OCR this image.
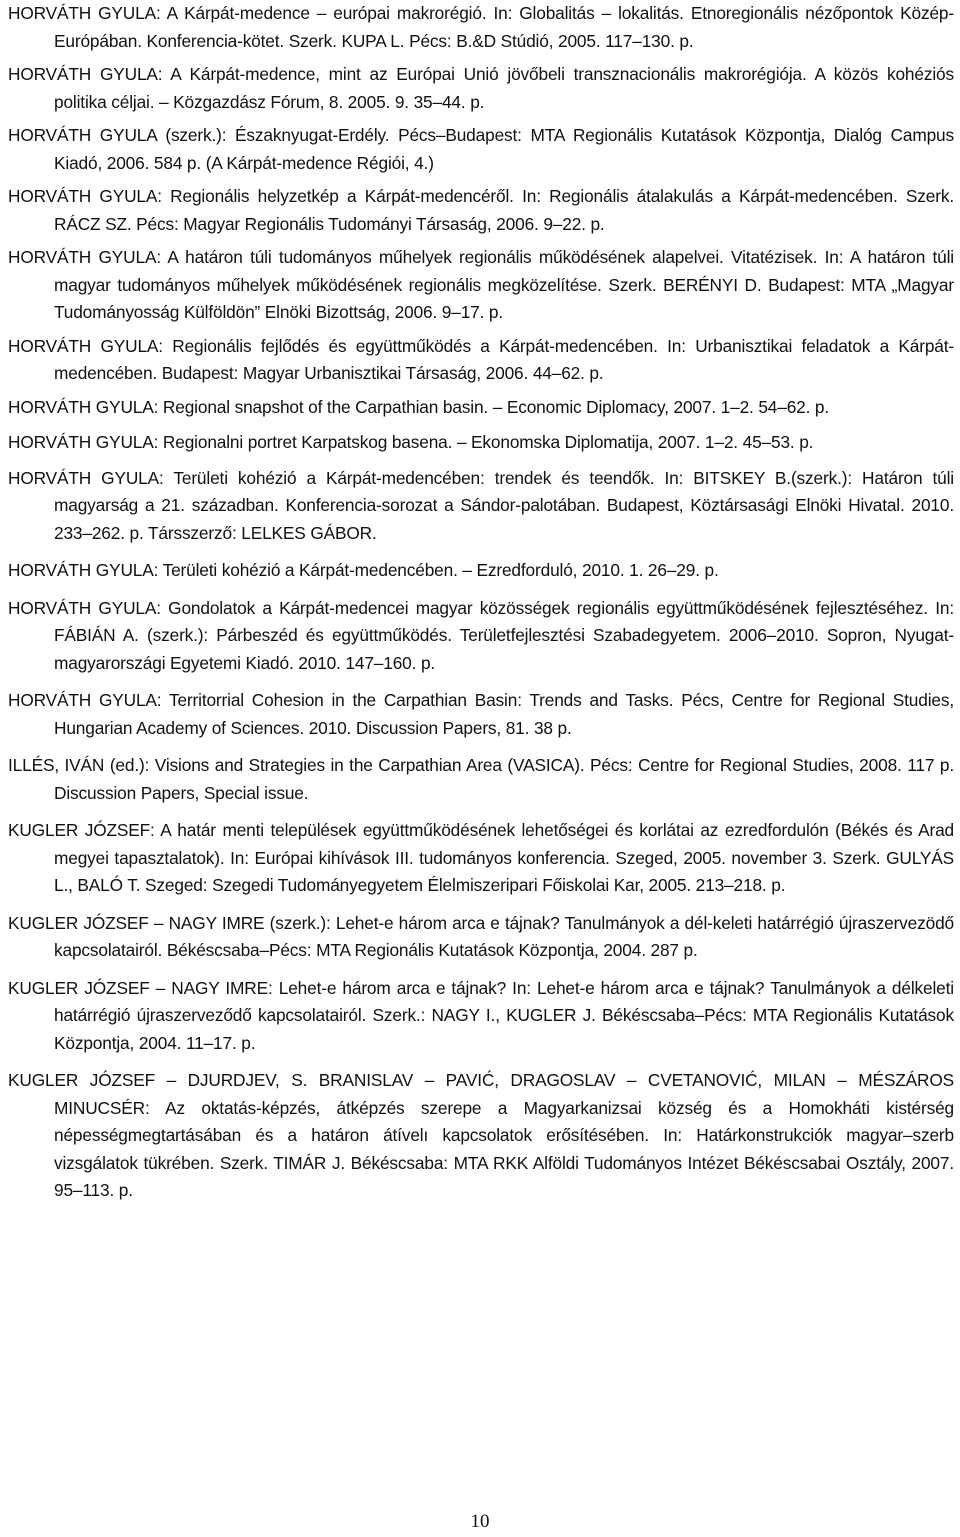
HORVÁTH GYULA: A Kárpát-medence – európai makrorégió. In: Globalitás – lokalitás. Etnoregionális nézőpontok Közép-Európában. Konferencia-kötet. Szerk. KUPA L. Pécs: B.&D Stúdió, 2005. 117–130. p.

HORVÁTH GYULA: A Kárpát-medence, mint az Európai Unió jövőbeli transznacionális makrorégiója. A közös kohéziós politika céljai. – Közgazdász Fórum, 8. 2005. 9. 35–44. p.

HORVÁTH GYULA (szerk.): Északnyugat-Erdély. Pécs–Budapest: MTA Regionális Kutatások Központja, Dialóg Campus Kiadó, 2006. 584 p. (A Kárpát-medence Régiói, 4.)

HORVÁTH GYULA: Regionális helyzetkép a Kárpát-medencéről. In: Regionális átalakulás a Kárpát-medencében. Szerk. RÁCZ SZ. Pécs: Magyar Regionális Tudományi Társaság, 2006. 9–22. p.

HORVÁTH GYULA: A határon túli tudományos műhelyek regionális működésének alapelvei. Vitatézisek. In: A határon túli magyar tudományos műhelyek működésének regionális megközelítése. Szerk. BERÉNYI D. Budapest: MTA „Magyar Tudományosság Külföldön” Elnöki Bizottság, 2006. 9–17. p.

HORVÁTH GYULA: Regionális fejlődés és együttműködés a Kárpát-medencében. In: Urbanisztikai feladatok a Kárpát-medencében. Budapest: Magyar Urbanisztikai Társaság, 2006. 44–62. p.

HORVÁTH GYULA: Regional snapshot of the Carpathian basin. – Economic Diplomacy, 2007. 1–2. 54–62. p.

HORVÁTH GYULA: Regionalni portret Karpatskog basena. – Ekonomska Diplomatija, 2007. 1–2. 45–53. p.

HORVÁTH GYULA: Területi kohézió a Kárpát-medencében: trendek és teendők. In: BITSKEY B.(szerk.): Határon túli magyarság a 21. században. Konferencia-sorozat a Sándor-palotában. Budapest, Köztársasági Elnöki Hivatal. 2010. 233–262. p. Társszerző: LELKES GÁBOR.

HORVÁTH GYULA: Területi kohézió a Kárpát-medencében. – Ezredforduló, 2010. 1. 26–29. p.

HORVÁTH GYULA: Gondolatok a Kárpát-medencei magyar közösségek regionális együttműködésének fejlesztéséhez. In: FÁBIÁN A. (szerk.): Párbeszéd és együttműködés. Területfejlesztési Szabadegyetem. 2006–2010. Sopron, Nyugat-magyarországi Egyetemi Kiadó. 2010. 147–160. p.

HORVÁTH GYULA: Territorrial Cohesion in the Carpathian Basin: Trends and Tasks. Pécs, Centre for Regional Studies, Hungarian Academy of Sciences. 2010. Discussion Papers, 81. 38 p.

ILLÉS, IVÁN (ed.): Visions and Strategies in the Carpathian Area (VASICA). Pécs: Centre for Regional Studies, 2008. 117 p. Discussion Papers, Special issue.

KUGLER JÓZSEF: A határ menti települések együttműködésének lehetőségei és korlátai az ezredfordulón (Békés és Arad megyei tapasztalatok). In: Európai kihívások III. tudományos konferencia. Szeged, 2005. november 3. Szerk. GULYÁS L., BALÓ T. Szeged: Szegedi Tudományegyetem Élelmiszeripari Főiskolai Kar, 2005. 213–218. p.

KUGLER JÓZSEF – NAGY IMRE (szerk.): Lehet-e három arca e tájnak? Tanulmányok a dél-keleti határrégió újraszervezödő kapcsolatairól. Békéscsaba–Pécs: MTA Regionális Kutatások Központja, 2004. 287 p.

KUGLER JÓZSEF – NAGY IMRE: Lehet-e három arca e tájnak? In: Lehet-e három arca e tájnak? Tanulmányok a délkeleti határrégió újraszerveződő kapcsolatairól. Szerk.: NAGY I., KUGLER J. Békéscsaba–Pécs: MTA Regionális Kutatások Központja, 2004. 11–17. p.

KUGLER JÓZSEF – DJURDJEV, S. BRANISLAV – PAVIĆ, DRAGOSLAV – CVETANOVIĆ, MILAN – MÉSZÁROS MINUCSÉR: Az oktatás-képzés, átképzés szerepe a Magyarkanizsai község és a Homokháti kistérség népességmegtartásában és a határon átívelı kapcsolatok erősítésében. In: Határkonstrukciók magyar–szerb vizsgálatok tükrében. Szerk. TIMÁR J. Békéscsaba: MTA RKK Alföldi Tudományos Intézet Békéscsabai Osztály, 2007. 95–113. p.

10
